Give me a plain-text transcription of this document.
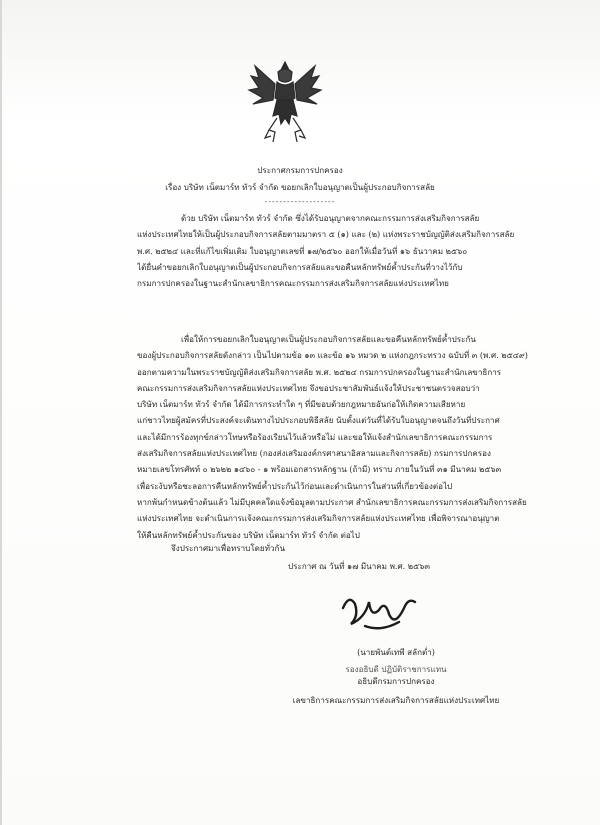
ประกาศกรมการปกครอง
เรื่อง บริษัท เน็ตมาร์ท ทัวร์ จำกัด ขอยกเลิกใบอนุญาตเป็นผู้ประกอบกิจการสลัย
-------------------
ด้วย บริษัท เน็ตมาร์ท ทัวร์ จำกัด ซึ่งได้รับอนุญาตจากคณะกรรมการส่งเสริมกิจการสลัย
แห่งประเทศไทยให้เป็นผู้ประกอบกิจการสลัยตามมาตรา ๕ (๑) และ (๒) แห่งพระราชบัญญัติส่งเสริมกิจการสลัย
พ.ศ. ๒๕๒๔ และที่แก้ไขเพิ่มเติม ใบอนุญาตเลขที่ ๑๗/๒๕๖๐ ออกให้เมื่อวันที่ ๑๖ ธันวาคม ๒๕๖๐
ได้ยื่นคำขอยกเลิกใบอนุญาตเป็นผู้ประกอบกิจการสลัยและขอคืนหลักทรัพย์ค้ำประกันที่วางไว้กับ
กรมการปกครองในฐานะสำนักเลขาธิการคณะกรรมการส่งเสริมกิจการสลัยแห่งประเทศไทย
เพื่อให้การขอยกเลิกใบอนุญาตเป็นผู้ประกอบกิจการสลัยและขอคืนหลักทรัพย์ค้ำประกัน
ของผู้ประกอบกิจการสลัยดังกล่าว เป็นไปตามข้อ ๑๓ และข้อ ๑๖ หมวด ๒ แห่งกฎกระทรวง ฉบับที่ ๓ (พ.ศ. ๒๕๔๙)
ออกตามความในพระราชบัญญัติส่งเสริมกิจการสลัย พ.ศ. ๒๕๒๔ กรมการปกครองในฐานะสำนักเลขาธิการ
คณะกรรมการส่งเสริมกิจการสลัยแห่งประเทศไทย จึงขอประชาสัมพันธ์แจ้งให้ประชาชนตรวจสอบว่า
บริษัท เน็ตมาร์ท ทัวร์ จำกัด ได้มีการกระทำใด ๆ ที่มีขอบด้วยกฎหมายอันก่อให้เกิดความเสียหาย
แก่ชาวไทยผู้สมัครที่ประสงค์จะเดินทางไปประกอบพิธีสลัย นับตั้งแต่วันที่ได้รับใบอนุญาตจนถึงวันที่ประกาศ
และได้มีการร้องทุกข์กล่าวโทษหรือร้องเรียนไว้แล้วหรือไม่ และขอให้แจ้งสำนักเลขาธิการคณะกรรมการ
ส่งเสริมกิจการสลัยแห่งประเทศไทย (กองส่งเสริมองค์กรศาสนาอิสลามและกิจการสลัย) กรมการปกครอง
หมายเลขโทรศัพท์ ๐ ๒๖๒๒ ๑๔๖๐ - ๑ พร้อมเอกสารหลักฐาน (ถ้ามี) ทราบ ภายในวันที่ ๓๑ มีนาคม ๒๕๖๓
เพื่อระงับหรือชะลอการคืนหลักทรัพย์ค้ำประกันไว้ก่อนและดำเนินการในส่วนที่เกี่ยวข้องต่อไป
หากพ้นกำหนดข้างต้นแล้ว ไม่มีบุคคลใดแจ้งข้อมูลตามประกาศ สำนักเลขาธิการคณะกรรมการส่งเสริมกิจการสลัย
แห่งประเทศไทย จะดำเนินการแจ้งคณะกรรมการส่งเสริมกิจการสลัยแห่งประเทศไทย เพื่อพิจารณาอนุญาต
ให้คืนหลักทรัพย์ค้ำประกันของ บริษัท เน็ตมาร์ท ทัวร์ จำกัด ต่อไป
จึงประกาศมาเพื่อทราบโดยทั่วกัน
ประกาศ ณ วันที่ ๑๗ มีนาคม พ.ศ. ๒๕๖๓
(นายพันต์เทพี สลักต่ำ)
รองอธิบดี ปฏิบัติราชการแทน
อธิบดีกรมการปกครอง
เลขาธิการคณะกรรมการส่งเสริมกิจการสลัยแห่งประเทศไทย
